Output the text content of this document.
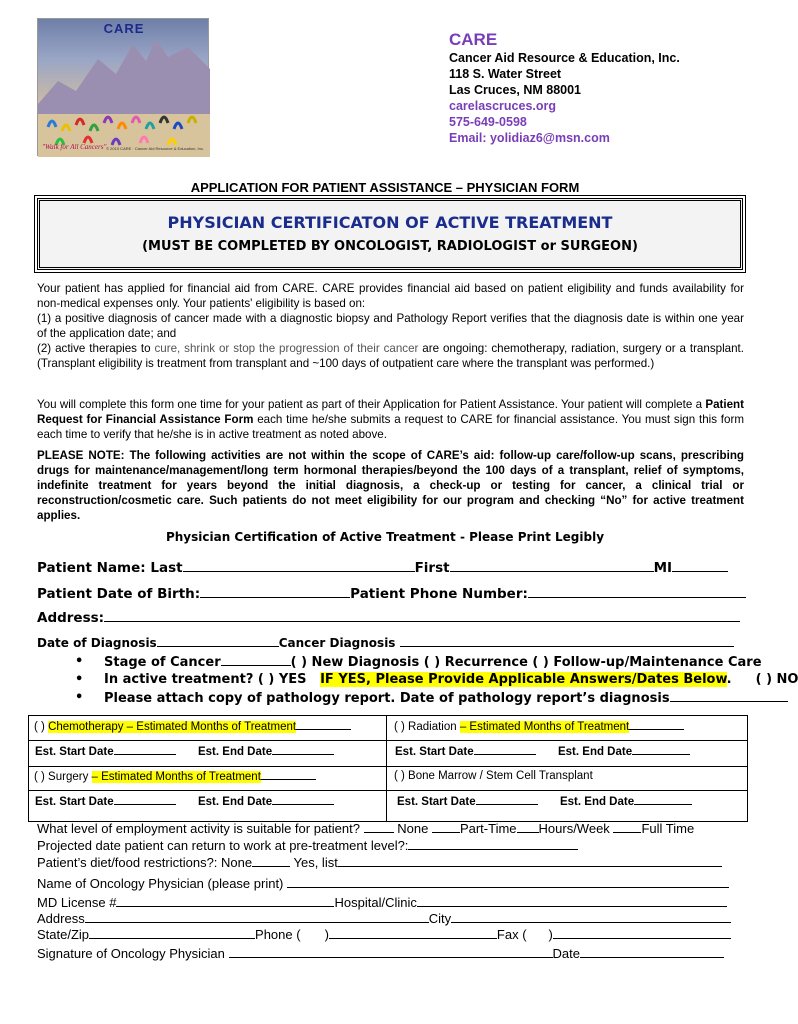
CARE
"Walk for All Cancers" © 2010 CARE · Cancer Aid Resource & Education, Inc.
CARE
Cancer Aid Resource & Education, Inc.
118 S. Water Street
Las Cruces, NM 88001
carelascruces.org
575-649-0598
Email: yolidiaz6@msn.com
APPLICATION FOR PATIENT ASSISTANCE – PHYSICIAN FORM
PHYSICIAN CERTIFICATON OF ACTIVE TREATMENT
(MUST BE COMPLETED BY ONCOLOGIST, RADIOLOGIST or SURGEON)
Your patient has applied for financial aid from CARE. CARE provides financial aid based on patient eligibility and funds availability for non-medical expenses only. Your patients' eligibility is based on:
(1) a positive diagnosis of cancer made with a diagnostic biopsy and Pathology Report verifies that the diagnosis date is within one year of the application date; and
(2) active therapies to cure, shrink or stop the progression of their cancer are ongoing: chemotherapy, radiation, surgery or a transplant. (Transplant eligibility is treatment from transplant and ~100 days of outpatient care where the transplant was performed.)
You will complete this form one time for your patient as part of their Application for Patient Assistance. Your patient will complete a Patient Request for Financial Assistance Form each time he/she submits a request to CARE for financial assistance. You must sign this form each time to verify that he/she is in active treatment as noted above.
PLEASE NOTE: The following activities are not within the scope of CARE’s aid: follow-up care/follow-up scans, prescribing drugs for maintenance/management/long term hormonal therapies/beyond the 100 days of a transplant, relief of symptoms, indefinite treatment for years beyond the initial diagnosis, a check-up or testing for cancer, a clinical trial or reconstruction/cosmetic care. Such patients do not meet eligibility for our program and checking “No” for active treatment applies.
Physician Certification of Active Treatment - Please Print Legibly
Patient Name: Last	First	MI
Patient Date of Birth:	Patient Phone Number:
Address:
Date of Diagnosis	Cancer Diagnosis
• Stage of Cancer	( ) New Diagnosis ( ) Recurrence ( ) Follow-up/Maintenance Care
• In active treatment? ( ) YES IF YES, Please Provide Applicable Answers/Dates Below. ( ) NO
• Please attach copy of pathology report. Date of pathology report’s diagnosis
( ) Chemotherapy – Estimated Months of Treatment	( ) Radiation – Estimated Months of Treatment
Est. Start Date	Est. End Date	Est. Start Date	Est. End Date
( ) Surgery – Estimated Months of Treatment	( ) Bone Marrow / Stem Cell Transplant
Est. Start Date	Est. End Date	Est. Start Date	Est. End Date
What level of employment activity is suitable for patient?	None Part-Time Hours/Week Full Time
Projected date patient can return to work at pre-treatment level?:
Patient’s diet/food restrictions?: None	Yes, list
Name of Oncology Physician (please print)
MD License #	Hospital/Clinic
Address	City
State/Zip	Phone ( )	Fax ( )
Signature of Oncology Physician	Date
